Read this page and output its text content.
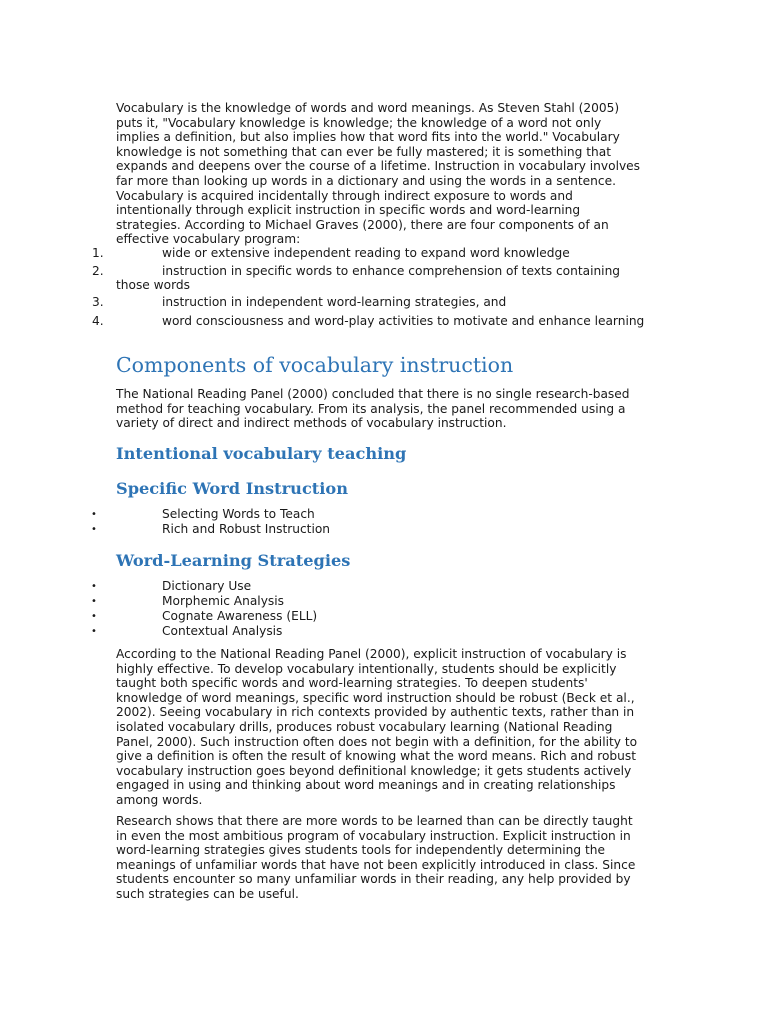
Vocabulary is the knowledge of words and word meanings. As Steven Stahl (2005) puts it, "Vocabulary knowledge is knowledge; the knowledge of a word not only implies a definition, but also implies how that word fits into the world." Vocabulary knowledge is not something that can ever be fully mastered; it is something that expands and deepens over the course of a lifetime. Instruction in vocabulary involves far more than looking up words in a dictionary and using the words in a sentence. Vocabulary is acquired incidentally through indirect exposure to words and intentionally through explicit instruction in specific words and word-learning strategies. According to Michael Graves (2000), there are four components of an effective vocabulary program:

1.	wide or extensive independent reading to expand word knowledge
2.	instruction in specific words to enhance comprehension of texts containing
those words
3.	instruction in independent word-learning strategies, and
4.	word consciousness and word-play activities to motivate and enhance learning
Components of vocabulary instruction

The National Reading Panel (2000) concluded that there is no single research-based method for teaching vocabulary. From its analysis, the panel recommended using a variety of direct and indirect methods of vocabulary instruction.

Intentional vocabulary teaching
Specific Word Instruction
•	Selecting Words to Teach
•	Rich and Robust Instruction
Word-Learning Strategies
•	Dictionary Use
•	Morphemic Analysis
•	Cognate Awareness (ELL)
•	Contextual Analysis

According to the National Reading Panel (2000), explicit instruction of vocabulary is highly effective. To develop vocabulary intentionally, students should be explicitly taught both specific words and word-learning strategies. To deepen students' knowledge of word meanings, specific word instruction should be robust (Beck et al., 2002). Seeing vocabulary in rich contexts provided by authentic texts, rather than in isolated vocabulary drills, produces robust vocabulary learning (National Reading Panel, 2000). Such instruction often does not begin with a definition, for the ability to give a definition is often the result of knowing what the word means. Rich and robust vocabulary instruction goes beyond definitional knowledge; it gets students actively engaged in using and thinking about word meanings and in creating relationships among words.

Research shows that there are more words to be learned than can be directly taught in even the most ambitious program of vocabulary instruction. Explicit instruction in word-learning strategies gives students tools for independently determining the meanings of unfamiliar words that have not been explicitly introduced in class. Since students encounter so many unfamiliar words in their reading, any help provided by such strategies can be useful.
